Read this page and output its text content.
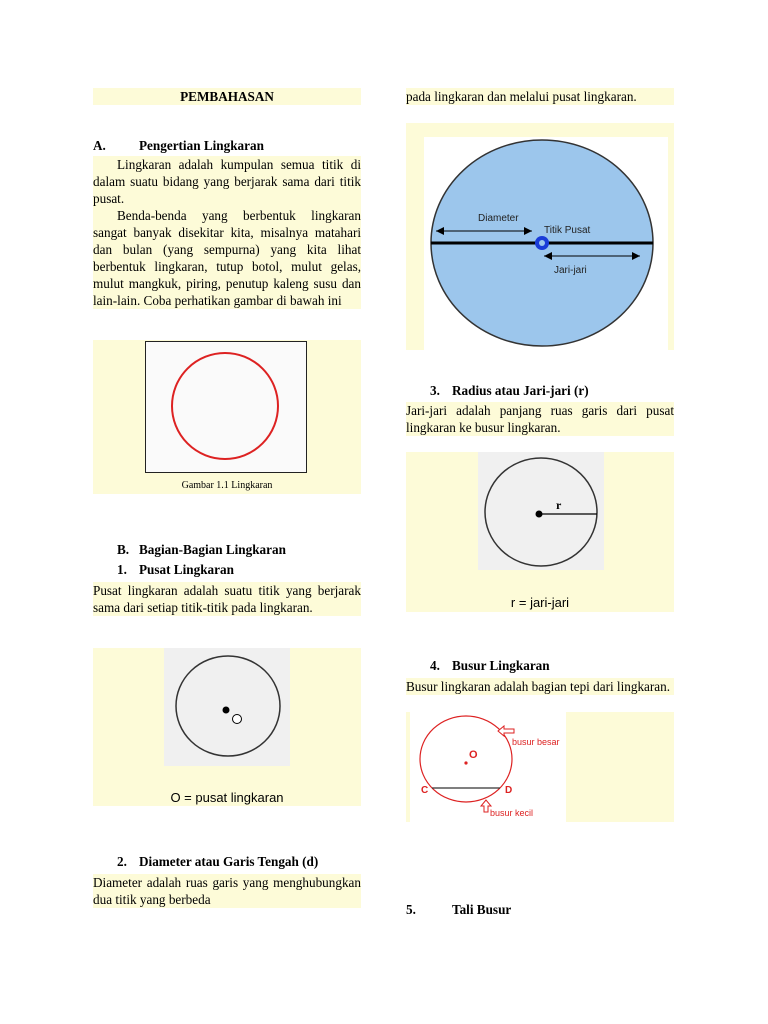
PEMBAHASAN
A.	Pengertian Lingkaran
Lingkaran adalah kumpulan semua titik di dalam suatu bidang yang berjarak sama dari titik pusat.
Benda-benda yang berbentuk lingkaran sangat banyak disekitar kita, misalnya matahari dan bulan (yang sempurna) yang kita lihat berbentuk lingkaran, tutup botol, mulut gelas, mulut mangkuk, piring, penutup kaleng susu dan lain-lain. Coba perhatikan gambar di bawah ini
Gambar 1.1 Lingkaran
B. Bagian-Bagian Lingkaran
1. Pusat Lingkaran
Pusat lingkaran adalah suatu titik yang berjarak sama dari setiap titik-titik pada lingkaran.
O = pusat lingkaran
2. Diameter atau Garis Tengah (d)
Diameter adalah ruas garis yang menghubungkan dua titik yang berbeda
pada lingkaran dan melalui pusat lingkaran.
Diameter
Titik Pusat
Jari-jari
3. Radius atau Jari-jari (r)
Jari-jari adalah panjang ruas garis dari pusat lingkaran ke busur lingkaran.
r
r = jari-jari
4. Busur Lingkaran
Busur lingkaran adalah bagian tepi dari lingkaran.
O
C	D
busur besar
busur kecil
5.	Tali Busur
